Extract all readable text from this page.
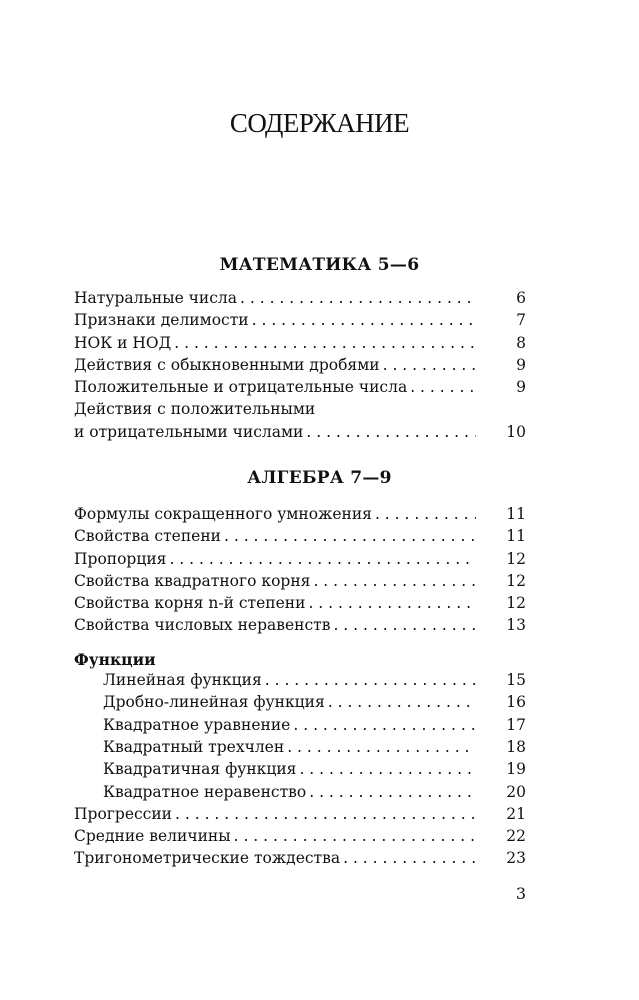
СОДЕРЖАНИЕ
МАТЕМАТИКА 5—6
Натуральные числа . . .	6
Признаки делимости . . .	7
НОК и НОД . . .	8
Действия с обыкновенными дробями . . .	9
Положительные и отрицательные числа . . .	9
Действия с положительными
и отрицательными числами . . .	10
АЛГЕБРА 7—9
Формулы сокращенного умножения . . .	11
Свойства степени . . .	11
Пропорция . . .	12
Свойства квадратного корня . . .	12
Свойства корня n-й степени . . .	12
Свойства числовых неравенств . . .	13
Функции
Линейная функция . . .	15
Дробно-линейная функция . . .	16
Квадратное уравнение . . .	17
Квадратный трехчлен . . .	18
Квадратичная функция . . .	19
Квадратное неравенство . . .	20
Прогрессии . . .	21
Средние величины . . .	22
Тригонометрические тождества . . .	23
3
